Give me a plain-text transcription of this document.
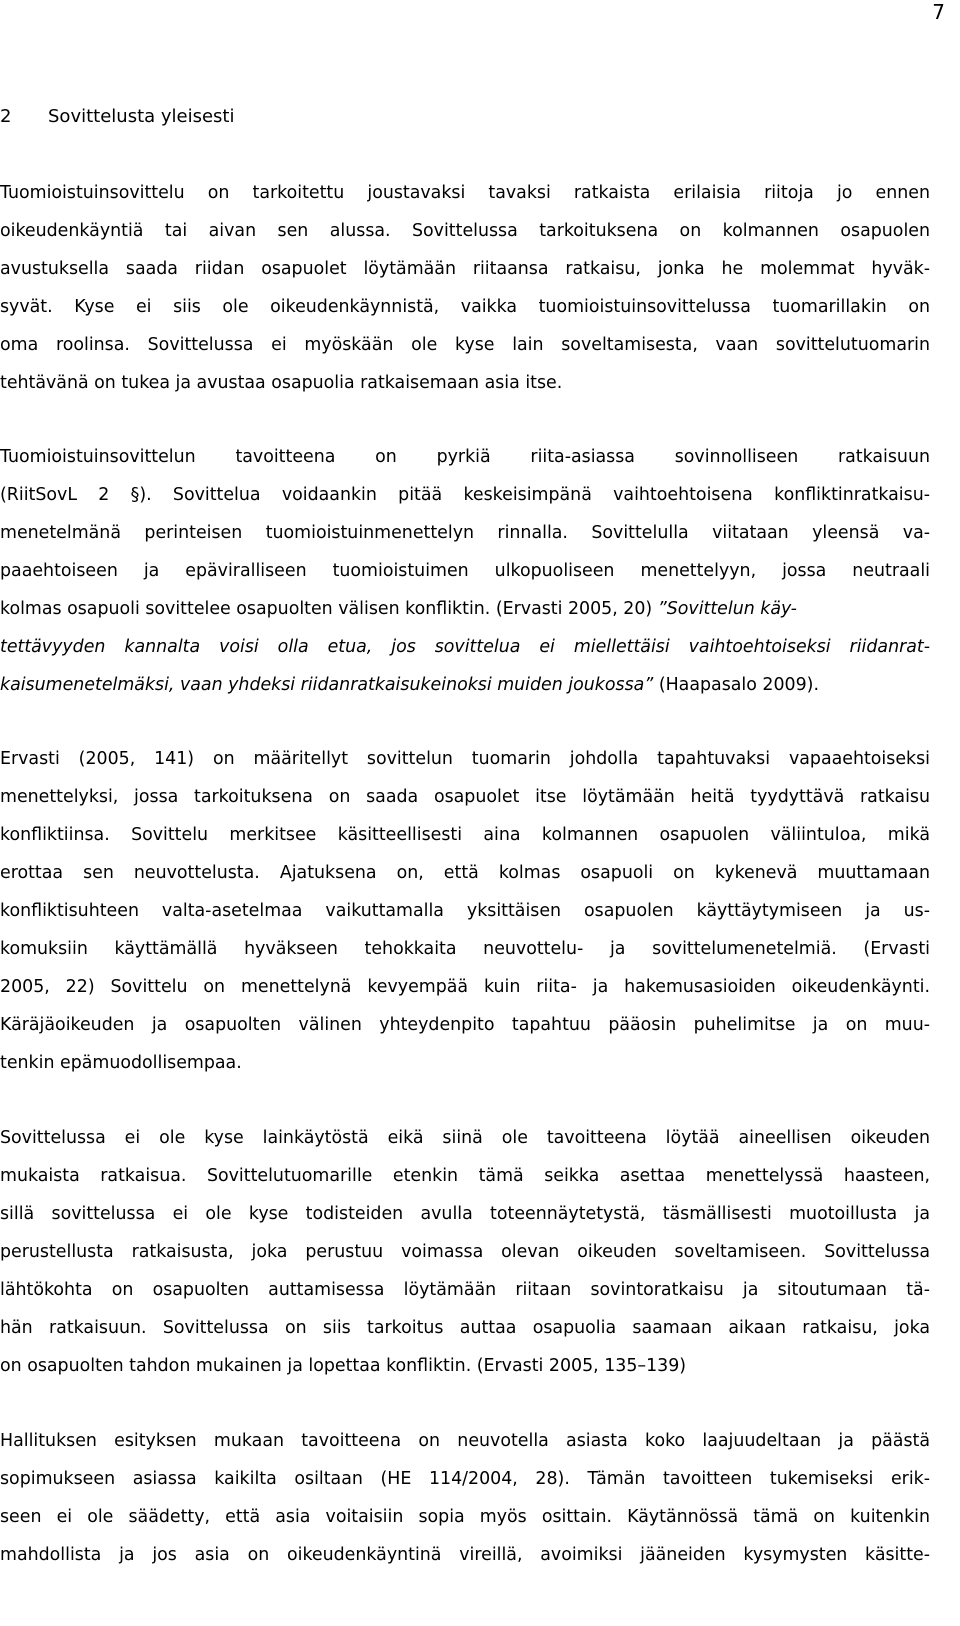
7
2 Sovittelusta yleisesti
Tuomioistuinsovittelu on tarkoitettu joustavaksi tavaksi ratkaista erilaisia riitoja jo ennen
oikeudenkäyntiä tai aivan sen alussa. Sovittelussa tarkoituksena on kolmannen osapuolen
avustuksella saada riidan osapuolet löytämään riitaansa ratkaisu, jonka he molemmat hyväk-
syvät. Kyse ei siis ole oikeudenkäynnistä, vaikka tuomioistuinsovittelussa tuomarillakin on
oma roolinsa. Sovittelussa ei myöskään ole kyse lain soveltamisesta, vaan sovittelutuomarin
tehtävänä on tukea ja avustaa osapuolia ratkaisemaan asia itse.
Tuomioistuinsovittelun tavoitteena on pyrkiä riita-asiassa sovinnolliseen ratkaisuun
(RiitSovL 2 §). Sovittelua voidaankin pitää keskeisimpänä vaihtoehtoisena konfliktinratkaisu-
menetelmänä perinteisen tuomioistuinmenettelyn rinnalla. Sovittelulla viitataan yleensä va-
paaehtoiseen ja epäviralliseen tuomioistuimen ulkopuoliseen menettelyyn, jossa neutraali
kolmas osapuoli sovittelee osapuolten välisen konfliktin. (Ervasti 2005, 20) ”Sovittelun käy-
tettävyyden kannalta voisi olla etua, jos sovittelua ei miellettäisi vaihtoehtoiseksi riidanrat-
kaisumenetelmäksi, vaan yhdeksi riidanratkaisukeinoksi muiden joukossa” (Haapasalo 2009).
Ervasti (2005, 141) on määritellyt sovittelun tuomarin johdolla tapahtuvaksi vapaaehtoiseksi
menettelyksi, jossa tarkoituksena on saada osapuolet itse löytämään heitä tyydyttävä ratkaisu
konfliktiinsa. Sovittelu merkitsee käsitteellisesti aina kolmannen osapuolen väliintuloa, mikä
erottaa sen neuvottelusta. Ajatuksena on, että kolmas osapuoli on kykenevä muuttamaan
konfliktisuhteen valta-asetelmaa vaikuttamalla yksittäisen osapuolen käyttäytymiseen ja us-
komuksiin käyttämällä hyväkseen tehokkaita neuvottelu- ja sovittelumenetelmiä. (Ervasti
2005, 22) Sovittelu on menettelynä kevyempää kuin riita- ja hakemusasioiden oikeudenkäynti.
Käräjäoikeuden ja osapuolten välinen yhteydenpito tapahtuu pääosin puhelimitse ja on muu-
tenkin epämuodollisempaa.
Sovittelussa ei ole kyse lainkäytöstä eikä siinä ole tavoitteena löytää aineellisen oikeuden
mukaista ratkaisua. Sovittelutuomarille etenkin tämä seikka asettaa menettelyssä haasteen,
sillä sovittelussa ei ole kyse todisteiden avulla toteennäytetystä, täsmällisesti muotoillusta ja
perustellusta ratkaisusta, joka perustuu voimassa olevan oikeuden soveltamiseen. Sovittelussa
lähtökohta on osapuolten auttamisessa löytämään riitaan sovintoratkaisu ja sitoutumaan tä-
hän ratkaisuun. Sovittelussa on siis tarkoitus auttaa osapuolia saamaan aikaan ratkaisu, joka
on osapuolten tahdon mukainen ja lopettaa konfliktin. (Ervasti 2005, 135–139)
Hallituksen esityksen mukaan tavoitteena on neuvotella asiasta koko laajuudeltaan ja päästä
sopimukseen asiassa kaikilta osiltaan (HE 114/2004, 28). Tämän tavoitteen tukemiseksi erik-
seen ei ole säädetty, että asia voitaisiin sopia myös osittain. Käytännössä tämä on kuitenkin
mahdollista ja jos asia on oikeudenkäyntinä vireillä, avoimiksi jääneiden kysymysten käsitte-
